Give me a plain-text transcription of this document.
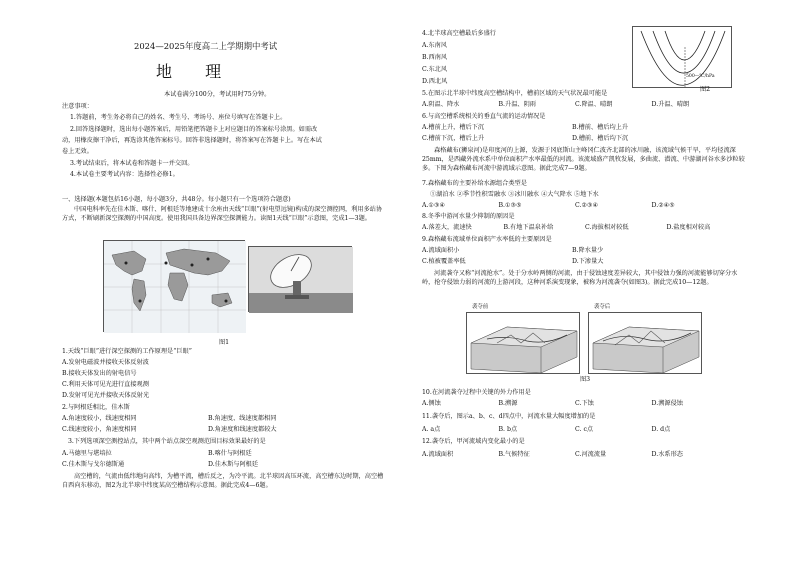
2024—2025年度高二上学期期中考试
地 理
本试卷满分100分，考试用时75分钟。
注意事项：
1.答题前，考生务必将自己的姓名、考生号、考场号、座位号填写在答题卡上。
2.回答选择题时，选出每小题答案后，用铅笔把答题卡上对应题目的答案标号涂黑。如需改
动，用橡皮擦干净后，再选涂其他答案标号。回答非选择题时，将答案写在答题卡上。写在本试
卷上无效。
3.考试结束后，将本试卷和答题卡一并交回。
4.本试卷主要考试内容：选择性必修1。
一、选择题(本题包括16小题，每小题3分，共48分。每小题只有一个选项符合题意)
中国电科率先在佳木斯、喀什、阿根廷等地建成十余座由天线“巨眼”(射电望远镜)构成的深空测控网，利用多站协方式，不断刷新深空探测的中国高度。使用我国具备边界深空探测能力。读图1天线“巨眼”示意图，完成1—3题。
图1
1.天线“巨眼”进行深空探测的工作原理是“巨眼”
A.发射电磁波并接收天体反射波
B.接收天体发出的射电信号
C.利用天体可见光进行直接观测
D.发射可见光并接收天体反射光
2.与阿根廷相比，佳木斯
A.角速度较小，线速度相同	B.角速度、线速度都相同
C.线速度较小，角速度相同	D.角速度和线速度都较大
3.下列选项深空测控站点，其中两个站点深空观测范围目标效果最好的是
A.马德里与堪培拉	B.喀什与阿根廷
C.佳木斯与戈尔德斯通	D.佳木斯与阿根廷
高空槽的，气流由低纬地向高纬，为槽平流，槽后反之，为冷平流。北半球因高压环流，高空槽东边时期，高空槽自西向东移动，图2为北半球中纬度某高空槽结构示意图。据此完成4—6题。
4.北半球高空槽最后多盛行
A.东南风
B.西南风
C.东北风
D.西北风
500—℃/hPa
图2
5.在图示北半球中纬度高空槽结构中，槽前区域的天气状况最可能是
A.阴温、降水	B.升温、阴雨	C.降温、晴朗	D.升温、晴朗
6.与高空槽系统相关的垂直气流的运动情况是
A.槽前上升，槽后下沉	B.槽前、槽后均上升
C.槽前下沉，槽后上升	D.槽前、槽后均下沉
森格藏布(狮泉河)是印度河的上源，发源于冈底斯山主峰冈仁波齐北部的冰川融，该流域气候干旱，平均径流深25mm，是西藏外流水系中单位面积产水率最低的河流。该流域盛产凯牧发展，多曲流、潜流、中游湖河谷水多沙粒较多。下图为森格藏布河流中游流域示意图。据此完成7—9题。
7.森格藏布的主要补给水源组合类型是
①湖泊水 ②季节性积雪融水 ③冰川融水 ④大气降水 ⑤地下水
A.①③④	B.①③⑤	C.②③④	D.②④⑤
8.冬季中游河水量少抑制的原因是
A.落差大，流速快	B.有地下温泉补给	C.海拔相对较低	D.盐度相对较高
9.森格藏布流域单位面积产水率低的主要原因是
A.流域面积小	B.降水量少
C.植被覆盖率低	D.下渗量大
河流袭夺又称“河流抢水”。处于分水岭两侧的河流，由于侵蚀速度差异较大，其中侵蚀力强的河流能够切穿分水岭，抢夺侵蚀力弱的河流的上游河段，这种河系演变现象，被称为河流袭夺(如图3)。据此完成10—12题。
袭夺前	袭夺后
图3
10.在河流袭夺过程中关键的外力作用是
A.侧蚀	B.溯源	C.下蚀	D.溯源侵蚀
11.袭夺后，图示a、b、c、d四点中，河流水量大幅度增加的是
A. a点	B. b点	C. c点	D. d点
12.袭夺后，甲河流域内变化最小的是
A.流域面积	B.气候特征	C.河流流量	D.水系形态
